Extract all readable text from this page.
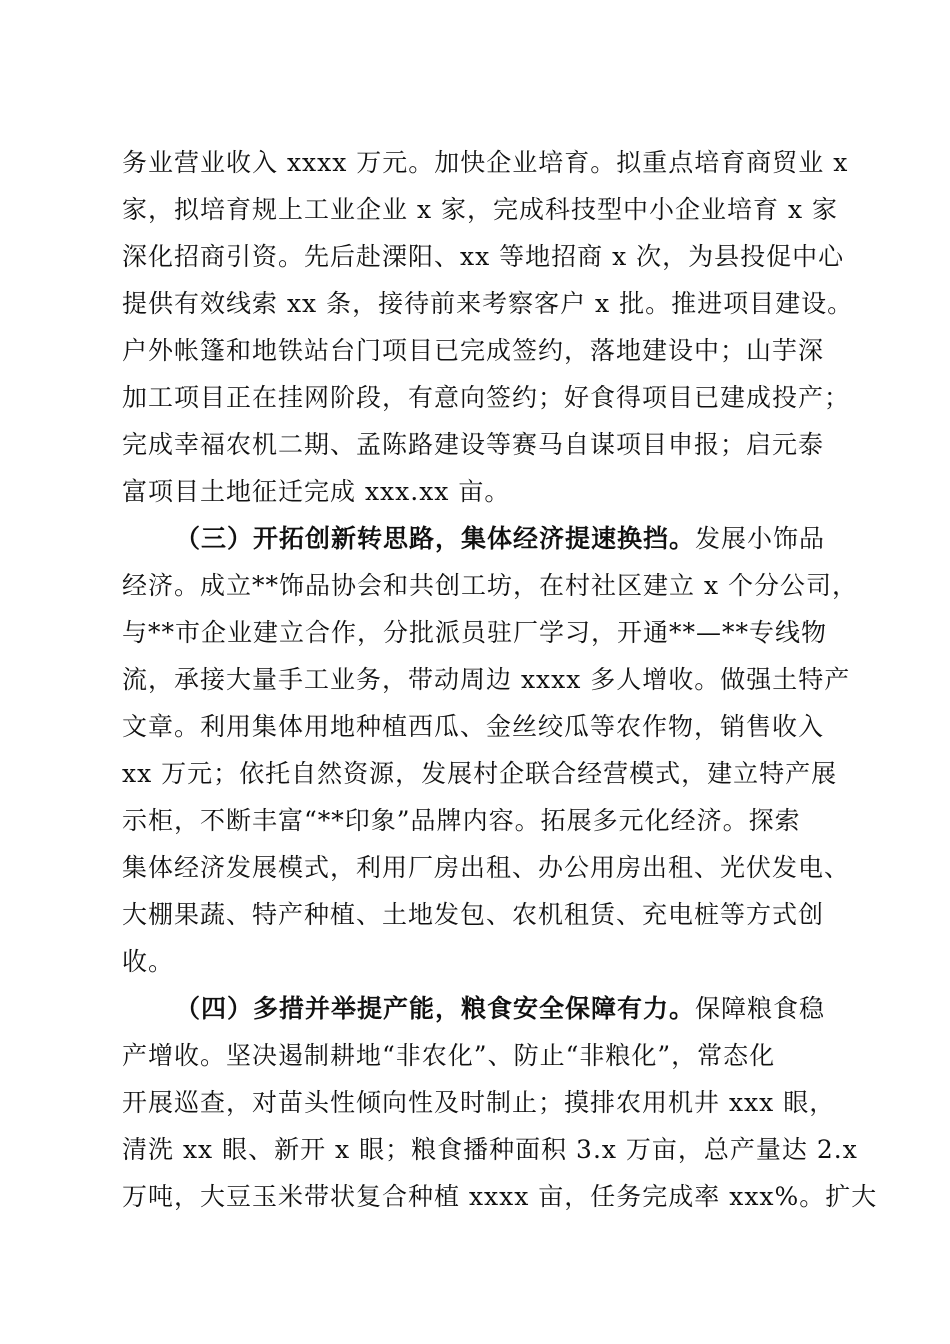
务业营业收入 xxxx 万元。加快企业培育。拟重点培育商贸业 x
家，拟培育规上工业企业 x 家，完成科技型中小企业培育 x 家
深化招商引资。先后赴溧阳、xx 等地招商 x 次，为县投促中心
提供有效线索 xx 条，接待前来考察客户 x 批。推进项目建设。
户外帐篷和地铁站台门项目已完成签约，落地建设中；山芋深
加工项目正在挂网阶段，有意向签约；好食得项目已建成投产；
完成幸福农机二期、孟陈路建设等赛马自谋项目申报；启元泰
富项目土地征迁完成 xxx.xx 亩。
（三）开拓创新转思路，集体经济提速换挡。发展小饰品
经济。成立**饰品协会和共创工坊，在村社区建立 x 个分公司，
与**市企业建立合作，分批派员驻厂学习，开通**—**专线物
流，承接大量手工业务，带动周边 xxxx 多人增收。做强土特产
文章。利用集体用地种植西瓜、金丝绞瓜等农作物，销售收入
xx 万元；依托自然资源，发展村企联合经营模式，建立特产展
示柜，不断丰富“**印象”品牌内容。拓展多元化经济。探索
集体经济发展模式，利用厂房出租、办公用房出租、光伏发电、
大棚果蔬、特产种植、土地发包、农机租赁、充电桩等方式创
收。
（四）多措并举提产能，粮食安全保障有力。保障粮食稳
产增收。坚决遏制耕地“非农化”、防止“非粮化”，常态化
开展巡查，对苗头性倾向性及时制止；摸排农用机井 xxx 眼，
清洗 xx 眼、新开 x 眼；粮食播种面积 3.x 万亩，总产量达 2.x
万吨，大豆玉米带状复合种植 xxxx 亩，任务完成率 xxx%。扩大
